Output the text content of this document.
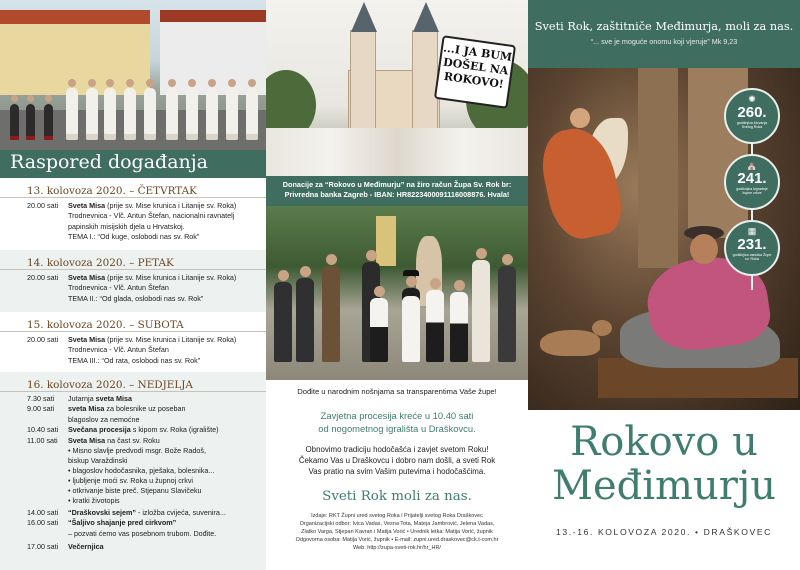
Raspored događanja
13. kolovoza 2020. – ČETVRTAK
20.00 sati Sveta Misa (prije sv. Mise krunica i Litanije sv. Roka)
Trodnevnica - Vlč. Antun Štefan, nacionalni ravnatelj
papinskih misijskih djela u Hrvatskoj.
TEMA I.: “Od kuge, oslobodi nas sv. Rok”
14. kolovoza 2020. – PETAK
20.00 sati Sveta Misa (prije sv. Mise krunica i Litanije sv. Roka)
Trodnevnica - Vlč. Antun Štefan
TEMA II.: “Od glada, oslobodi nas sv. Rok”
15. kolovoza 2020. – SUBOTA
20.00 sati Sveta Misa (prije sv. Mise krunica i Litanije sv. Roka)
Trodnevnica - Vlč. Antun Štefan
TEMA III.: “Od rata, oslobodi nas sv. Rok”
16. kolovoza 2020. – NEDJELJA
7.30 sati Jutarnja sveta Misa
9.00 sati sveta Misa za bolesnike uz poseban
blagoslov za nemoćne
10.40 sati Svečana procesija s kipom sv. Roka (igralište)
11.00 sati Sveta Misa na čast sv. Roku
• Misno slavlje predvodi msgr. Bože Radoš,
biskup Varaždinski
• blagoslov hodočasnika, pješaka, bolesnika...
• ljubljenje moći sv. Roka u župnoj crkvi
• otkrivanje biste preč. Stjepanu Slavičeku
• kratki životopis
14.00 sati “Draškovski sejem” - izložba cvijeća, suvenira...
16.00 sati “Šaljivo shajanje pred cirkvom”
– pozvati ćemo vas posebnom trubom. Dođite.
17.00 sati Večernjica
...I JA BUM DOŠEL NA ROKOVO!
Donacije za “Rokovo u Međimurju” na žiro račun Župa Sv. Rok br:
Privredna banka Zagreb - IBAN: HR8223400091116008876. Hvala!
Dođite u narodnim nošnjama sa transparentima Vaše župe!
Zavjetna procesija kreće u 10.40 sati
od nogometnog igrališta u Draškovcu.
Obnovimo tradiciju hodočašća i zavjet svetom Roku!
Čekamo Vas u Draškovcu i dobro nam došli, a sveti Rok
Vas pratio na svim Vašim putevima i hodočašćima.
Sveti Rok moli za nas.
Izdaje: RKT Župni ured svetog Roka i Prijatelji svetog Roka Draškovec
Organizacijski odbor: Ivica Vadas, Vesna Tota, Mateja Jambrović, Jelena Vadas,
Zlatko Varga, Stjepan Kavran i Matija Vorić • Urednik letka: Matija Vorić, župnik
Odgovorna osoba: Matija Vorić, župnik • E-mail: zupni.ured.draskovec@ck.t-com.hr
Web: http://zupa-sveti-rok.hr/hr_HR/
Sveti Rok, zaštitniče Međimurja, moli za nas.
“... sve je moguće onomu koji vjeruje” Mk 9,23
✺
260.
godišnjica štovanja Svetog Roka
⛪
241.
godišnjica izgradnje župne crkve
▦
231.
godišnjica osnutka Župe sv. Roka
Rokovo u
Međimurju
13.-16. KOLOVOZA 2020. • DRAŠKOVEC
